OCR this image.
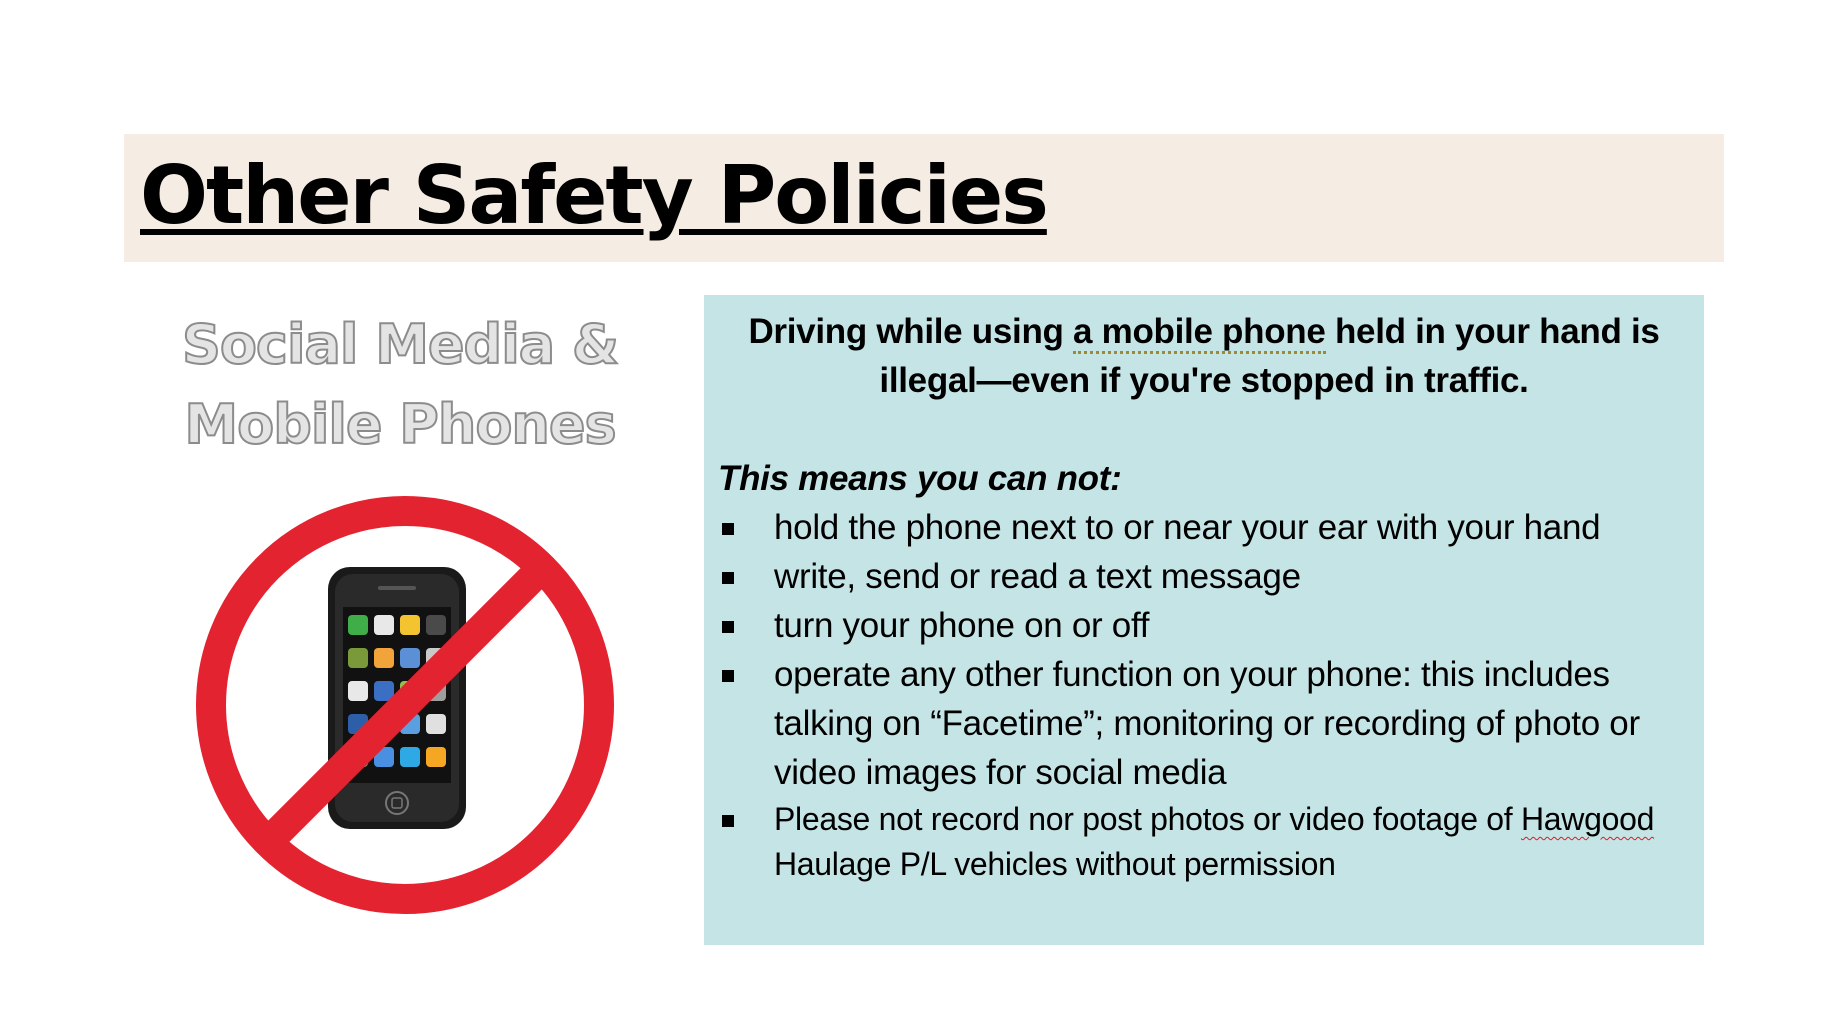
Other Safety Policies
Social Media &
Mobile Phones

Driving while using a mobile phone held in your hand is illegal—even if you're stopped in traffic.

This means you can not:

hold the phone next to or near your ear with your hand
write, send or read a text message
turn your phone on or off
operate any other function on your phone: this includes talking on “Facetime”; monitoring or recording of photo or video images for social media
Please not record nor post photos or video footage of Hawgood Haulage P/L vehicles without permission
